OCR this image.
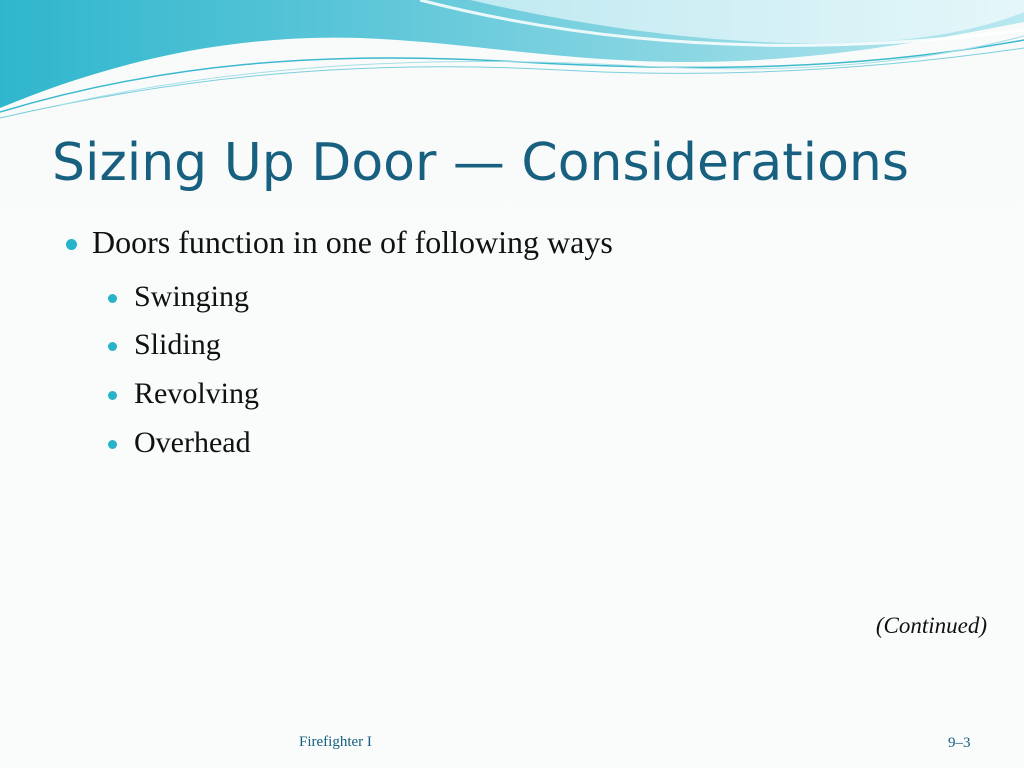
Sizing Up Door — Considerations
Doors function in one of following ways
Swinging
Sliding
Revolving
Overhead
(Continued)
Firefighter I	9–3
